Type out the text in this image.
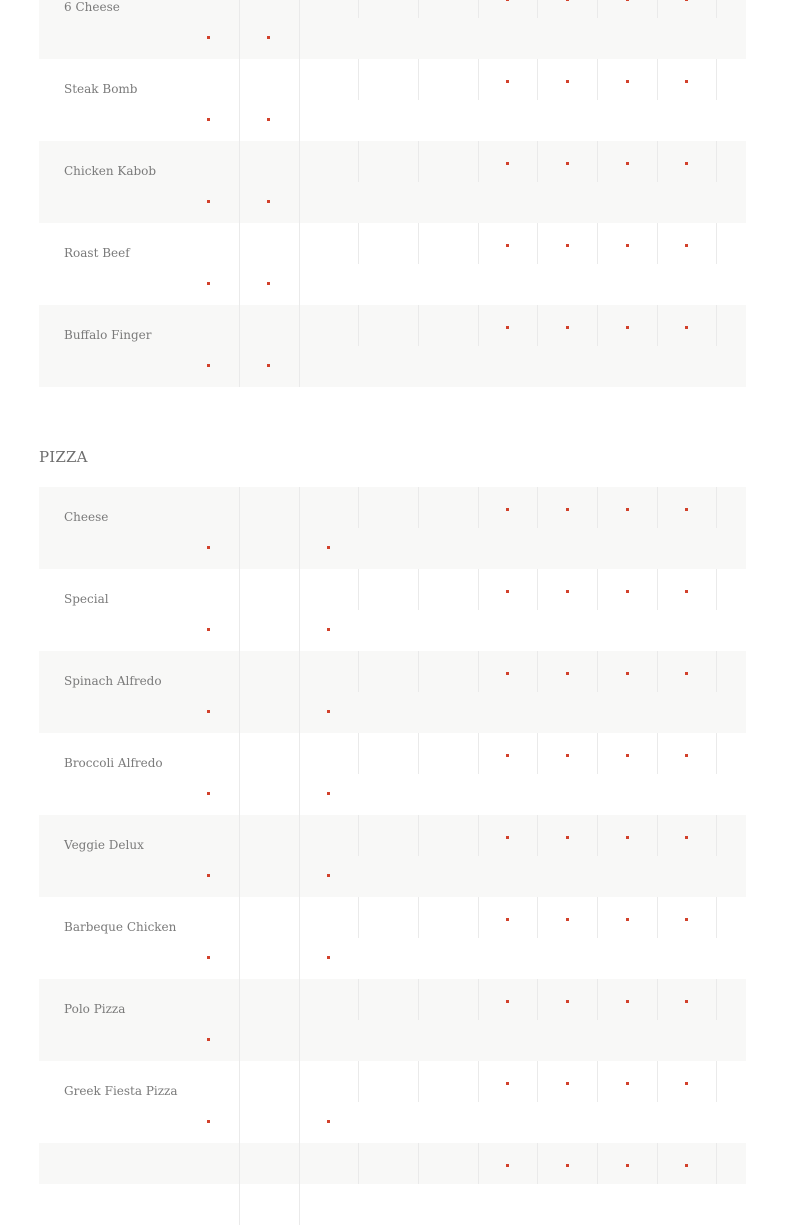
6 Cheese
Steak Bomb
Chicken Kabob
Roast Beef
Buffalo Finger
PIZZA
Cheese
Special
Spinach Alfredo
Broccoli Alfredo
Veggie Delux
Barbeque Chicken
Polo Pizza
Greek Fiesta Pizza
